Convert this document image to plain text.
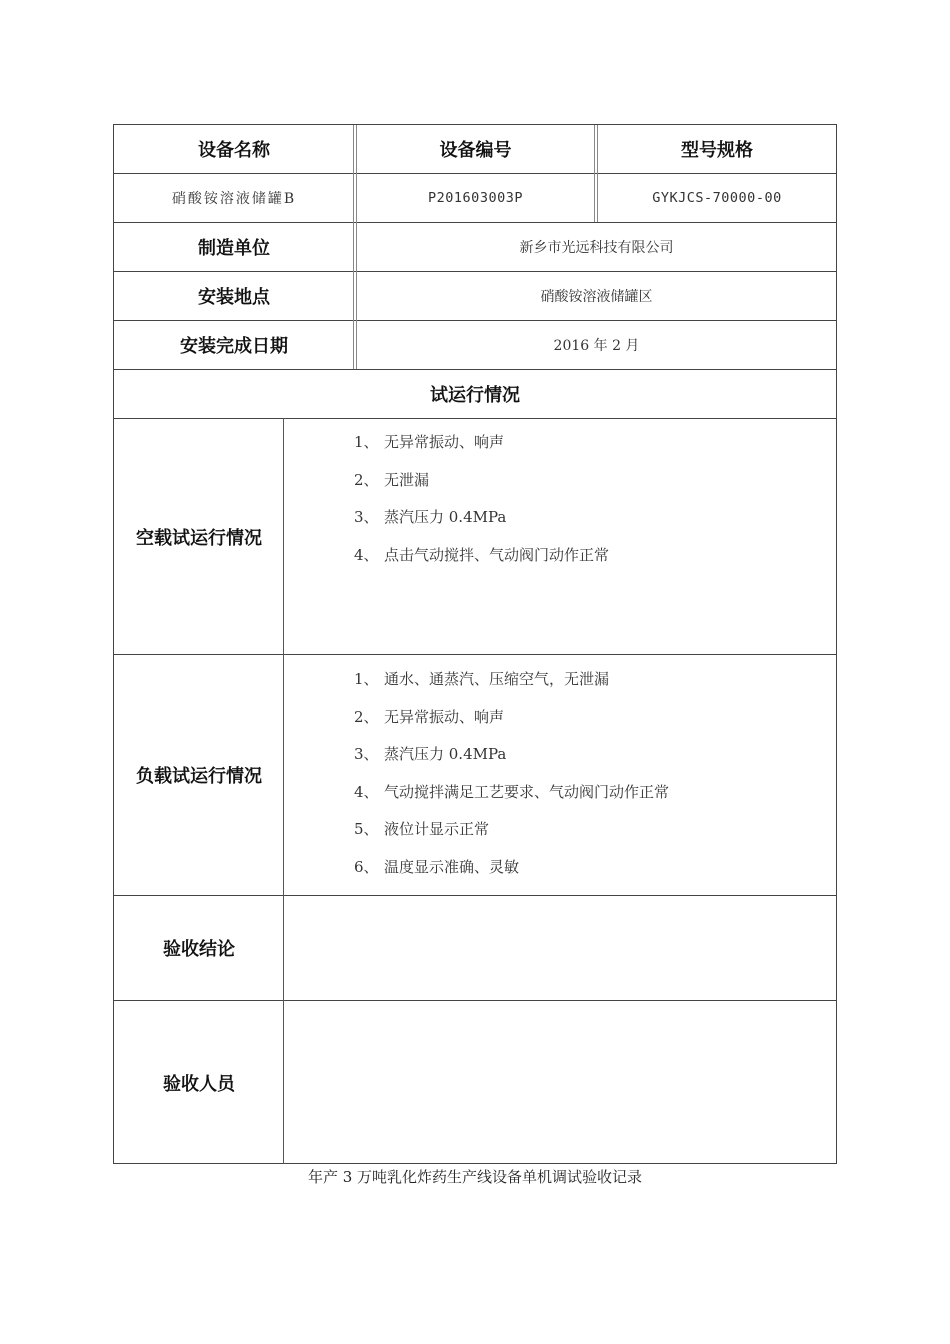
设备名称	设备编号	型号规格
硝酸铵溶液储罐B	P201603003P	GYKJCS-70000-00
制造单位	新乡市光远科技有限公司
安装地点	硝酸铵溶液储罐区
安装完成日期	2016 年 2 月
试运行情况
空载试运行情况
1、 无异常振动、响声
2、 无泄漏
3、 蒸汽压力 0.4MPa
4、 点击气动搅拌、气动阀门动作正常
负载试运行情况
1、 通水、通蒸汽、压缩空气，无泄漏
2、 无异常振动、响声
3、 蒸汽压力 0.4MPa
4、 气动搅拌满足工艺要求、气动阀门动作正常
5、 液位计显示正常
6、 温度显示准确、灵敏
验收结论
验收人员
年产 3 万吨乳化炸药生产线设备单机调试验收记录
